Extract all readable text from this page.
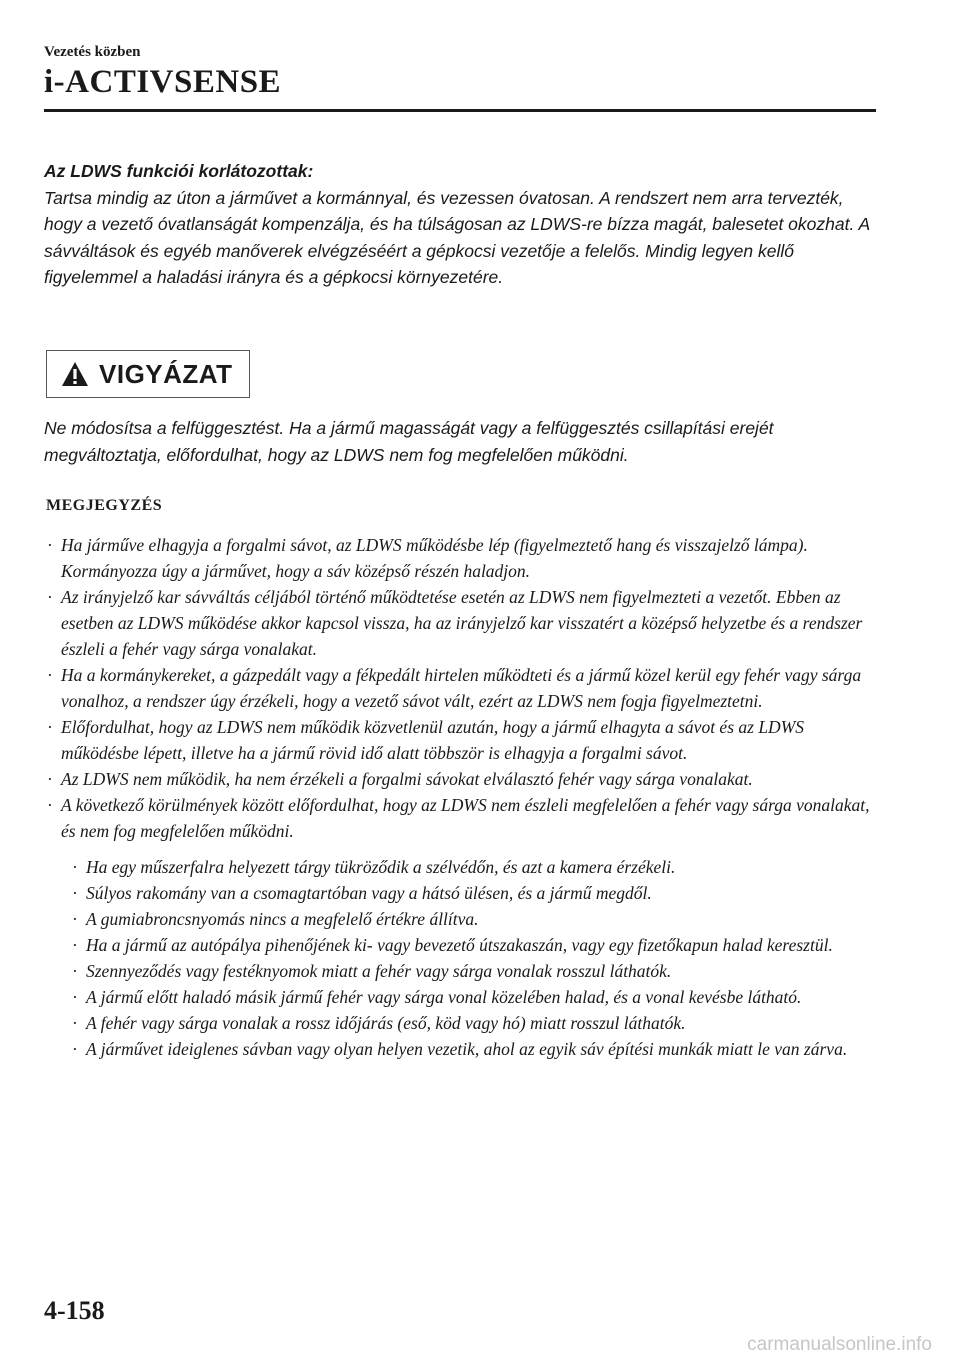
Vezetés közben
i-ACTIVSENSE
Az LDWS funkciói korlátozottak:
Tartsa mindig az úton a járművet a kormánnyal, és vezessen óvatosan. A rendszert nem arra tervezték, hogy a vezető óvatlanságát kompenzálja, és ha túlságosan az LDWS-re bízza magát, balesetet okozhat. A sávváltások és egyéb manőverek elvégzéséért a gépkocsi vezetője a felelős. Mindig legyen kellő figyelemmel a haladási irányra és a gépkocsi környezetére.
VIGYÁZAT
Ne módosítsa a felfüggesztést. Ha a jármű magasságát vagy a felfüggesztés csillapítási erejét megváltoztatja, előfordulhat, hogy az LDWS nem fog megfelelően működni.
MEGJEGYZÉS
· Ha járműve elhagyja a forgalmi sávot, az LDWS működésbe lép (figyelmeztető hang és visszajelző lámpa). Kormányozza úgy a járművet, hogy a sáv középső részén haladjon.
· Az irányjelző kar sávváltás céljából történő működtetése esetén az LDWS nem figyelmezteti a vezetőt. Ebben az esetben az LDWS működése akkor kapcsol vissza, ha az irányjelző kar visszatért a középső helyzetbe és a rendszer észleli a fehér vagy sárga vonalakat.
· Ha a kormánykereket, a gázpedált vagy a fékpedált hirtelen működteti és a jármű közel kerül egy fehér vagy sárga vonalhoz, a rendszer úgy érzékeli, hogy a vezető sávot vált, ezért az LDWS nem fogja figyelmeztetni.
· Előfordulhat, hogy az LDWS nem működik közvetlenül azután, hogy a jármű elhagyta a sávot és az LDWS működésbe lépett, illetve ha a jármű rövid idő alatt többször is elhagyja a forgalmi sávot.
· Az LDWS nem működik, ha nem érzékeli a forgalmi sávokat elválasztó fehér vagy sárga vonalakat.
· A következő körülmények között előfordulhat, hogy az LDWS nem észleli megfelelően a fehér vagy sárga vonalakat, és nem fog megfelelően működni.
· Ha egy műszerfalra helyezett tárgy tükröződik a szélvédőn, és azt a kamera érzékeli.
· Súlyos rakomány van a csomagtartóban vagy a hátsó ülésen, és a jármű megdől.
· A gumiabroncsnyomás nincs a megfelelő értékre állítva.
· Ha a jármű az autópálya pihenőjének ki- vagy bevezető útszakaszán, vagy egy fizetőkapun halad keresztül.
· Szennyeződés vagy festéknyomok miatt a fehér vagy sárga vonalak rosszul láthatók.
· A jármű előtt haladó másik jármű fehér vagy sárga vonal közelében halad, és a vonal kevésbe látható.
· A fehér vagy sárga vonalak a rossz időjárás (eső, köd vagy hó) miatt rosszul láthatók.
· A járművet ideiglenes sávban vagy olyan helyen vezetik, ahol az egyik sáv építési munkák miatt le van zárva.
4-158
carmanualsonline.info
